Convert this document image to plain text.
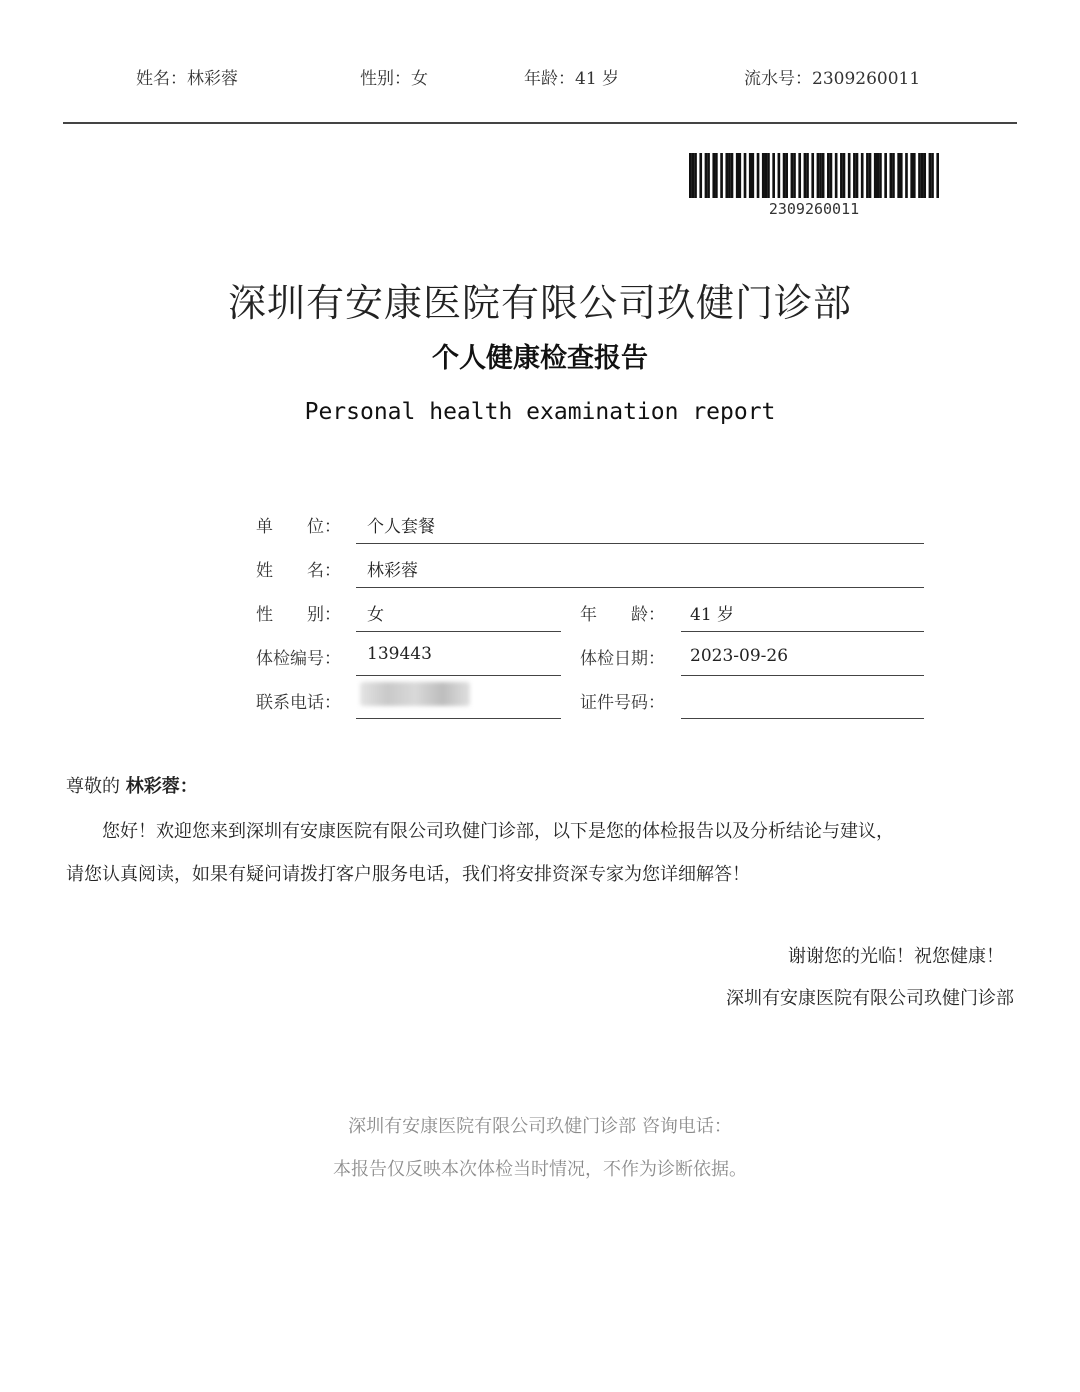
姓名：林彩蓉	性别：女	年龄：41 岁	流水号：2309260011
2309260011
深圳有安康医院有限公司玖健门诊部
个人健康检查报告
Personal health examination report
单　　位： 个人套餐
姓　　名： 林彩蓉
性　　别： 女	年　　龄： 41 岁
体检编号： 139443	体检日期： 2023-09-26
联系电话：	证件号码：
尊敬的 林彩蓉：

您好！欢迎您来到深圳有安康医院有限公司玖健门诊部，以下是您的体检报告以及分析结论与建议，

请您认真阅读，如果有疑问请拨打客户服务电话，我们将安排资深专家为您详细解答！

谢谢您的光临！祝您健康！
深圳有安康医院有限公司玖健门诊部
深圳有安康医院有限公司玖健门诊部 咨询电话：
本报告仅反映本次体检当时情况，不作为诊断依据。
